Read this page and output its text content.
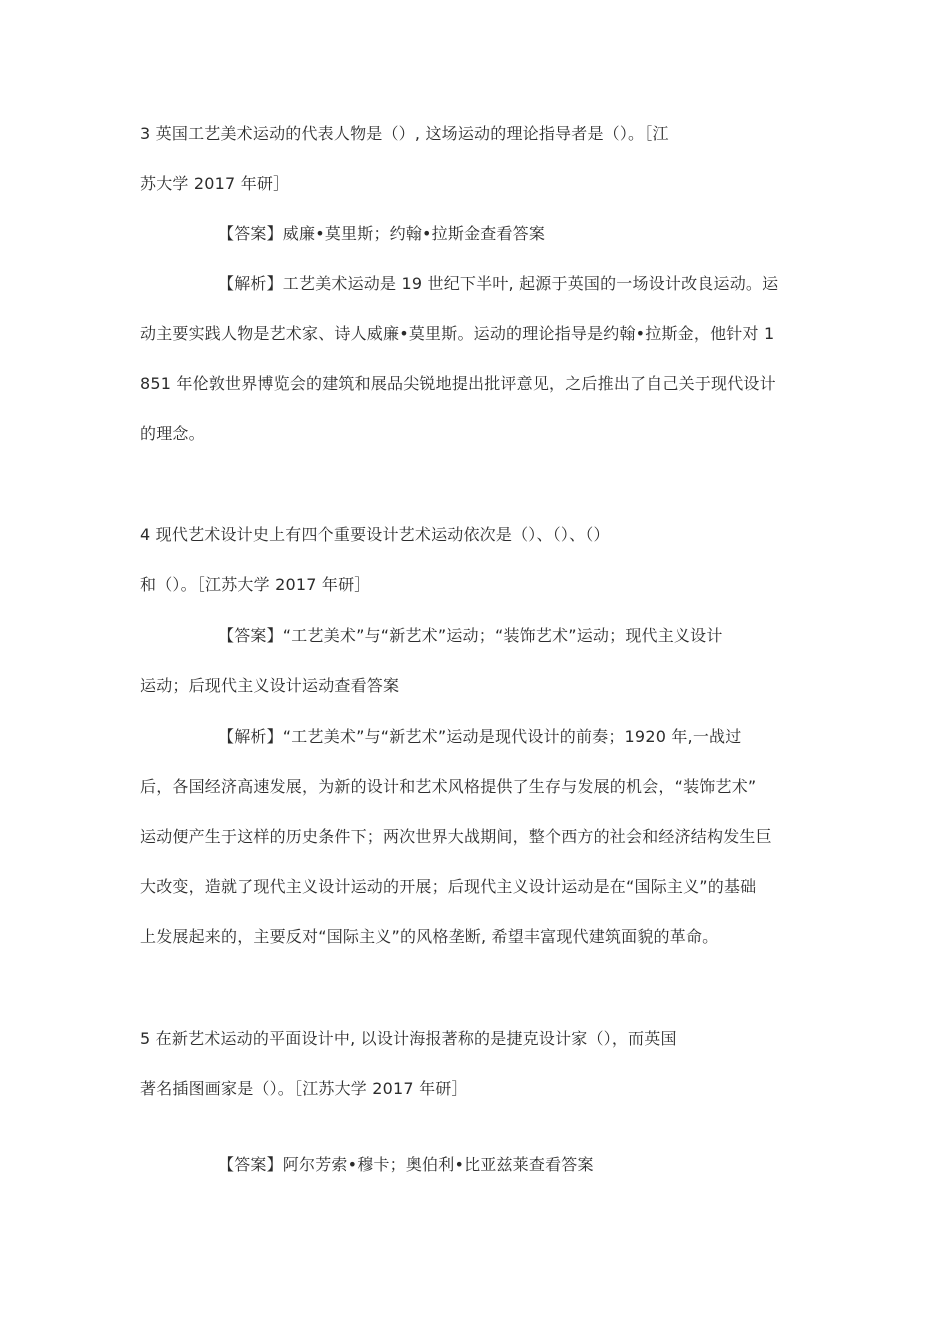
3 英国工艺美术运动的代表人物是（）, 这场运动的理论指导者是（）。［江
苏大学 2017 年研］
【答案】威廉•莫里斯；约翰•拉斯金查看答案
【解析】工艺美术运动是 19 世纪下半叶, 起源于英国的一场设计改良运动。运
动主要实践人物是艺术家、诗人威廉•莫里斯。运动的理论指导是约翰•拉斯金，他针对 1
851 年伦敦世界博览会的建筑和展品尖锐地提出批评意见，之后推出了自己关于现代设计
的理念。
4 现代艺术设计史上有四个重要设计艺术运动依次是（）、（）、（）
和（）。［江苏大学 2017 年研］
【答案】“工艺美术”与“新艺术”运动；“装饰艺术”运动；现代主义设计
运动；后现代主义设计运动查看答案
【解析】“工艺美术”与“新艺术”运动是现代设计的前奏；1920 年,一战过
后，各国经济高速发展，为新的设计和艺术风格提供了生存与发展的机会，“装饰艺术”
运动便产生于这样的历史条件下；两次世界大战期间，整个西方的社会和经济结构发生巨
大改变，造就了现代主义设计运动的开展；后现代主义设计运动是在“国际主义”的基础
上发展起来的，主要反对“国际主义”的风格垄断, 希望丰富现代建筑面貌的革命。
5 在新艺术运动的平面设计中, 以设计海报著称的是捷克设计家（），而英国
著名插图画家是（）。［江苏大学 2017 年研］
【答案】阿尔芳索•穆卡；奥伯利•比亚兹莱查看答案
